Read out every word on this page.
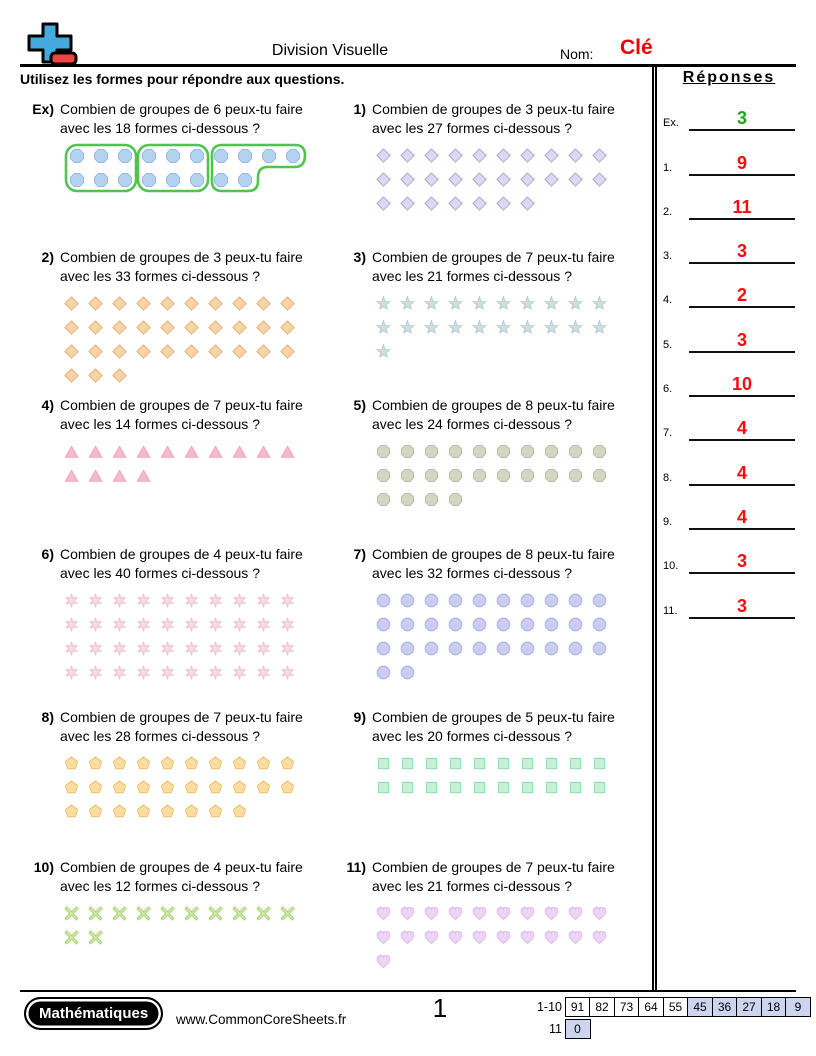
Division Visuelle	Nom: Clé
Utilisez les formes pour répondre aux questions.
Ex) Combien de groupes de 6 peux-tu faire
avec les 18 formes ci-dessous ?
1) Combien de groupes de 3 peux-tu faire
avec les 27 formes ci-dessous ?
2) Combien de groupes de 3 peux-tu faire
avec les 33 formes ci-dessous ?
3) Combien de groupes de 7 peux-tu faire
avec les 21 formes ci-dessous ?
4) Combien de groupes de 7 peux-tu faire
avec les 14 formes ci-dessous ?
5) Combien de groupes de 8 peux-tu faire
avec les 24 formes ci-dessous ?
6) Combien de groupes de 4 peux-tu faire
avec les 40 formes ci-dessous ?
7) Combien de groupes de 8 peux-tu faire
avec les 32 formes ci-dessous ?
8) Combien de groupes de 7 peux-tu faire
avec les 28 formes ci-dessous ?
9) Combien de groupes de 5 peux-tu faire
avec les 20 formes ci-dessous ?
10) Combien de groupes de 4 peux-tu faire
avec les 12 formes ci-dessous ?
11) Combien de groupes de 7 peux-tu faire
avec les 21 formes ci-dessous ?
Réponses
Ex.	3
1.	9
2.	11
3.	3
4.	2
5.	3
6.	10
7.	4
8.	4
9.	4
10.	3
11.	3
Mathématiques	www.CommonCoreSheets.fr	1	1-10 91 82 73 64 55 45 36 27 18	9
11	0
